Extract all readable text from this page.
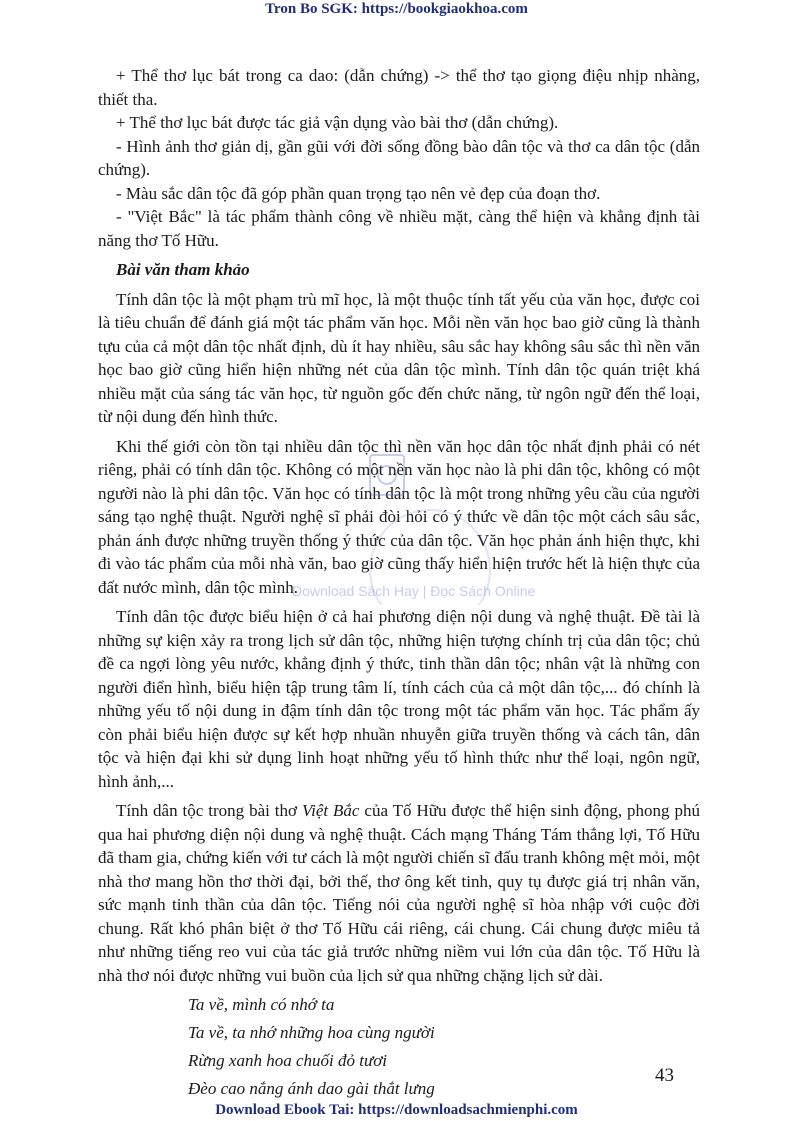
Tron Bo SGK: https://bookgiaokhoa.com

+ Thể thơ lục bát trong ca dao: (dẫn chứng) -> thể thơ tạo giọng điệu nhịp nhàng, thiết tha.

+ Thể thơ lục bát được tác giả vận dụng vào bài thơ (dẫn chứng).

- Hình ảnh thơ giản dị, gần gũi với đời sống đồng bào dân tộc và thơ ca dân tộc (dẫn chứng).

- Màu sắc dân tộc đã góp phần quan trọng tạo nên vẻ đẹp của đoạn thơ.

- "Việt Bắc" là tác phẩm thành công về nhiều mặt, càng thể hiện và khẳng định tài năng thơ Tố Hữu.

Bài văn tham khảo

Tính dân tộc là một phạm trù mĩ học, là một thuộc tính tất yếu của văn học, được coi là tiêu chuẩn để đánh giá một tác phẩm văn học. Mỗi nền văn học bao giờ cũng là thành tựu của cả một dân tộc nhất định, dù ít hay nhiều, sâu sắc hay không sâu sắc thì nền văn học bao giờ cũng hiển hiện những nét của dân tộc mình. Tính dân tộc quán triệt khá nhiều mặt của sáng tác văn học, từ nguồn gốc đến chức năng, từ ngôn ngữ đến thể loại, từ nội dung đến hình thức.

Khi thế giới còn tồn tại nhiều dân tộc thì nền văn học dân tộc nhất định phải có nét riêng, phải có tính dân tộc. Không có một nền văn học nào là phi dân tộc, không có một người nào là phi dân tộc. Văn học có tính dân tộc là một trong những yêu cầu của người sáng tạo nghệ thuật. Người nghệ sĩ phải đòi hỏi có ý thức về dân tộc một cách sâu sắc, phản ánh được những truyền thống ý thức của dân tộc. Văn học phản ánh hiện thực, khi đi vào tác phẩm của mỗi nhà văn, bao giờ cũng thấy hiển hiện trước hết là hiện thực của đất nước mình, dân tộc mình.

Tính dân tộc được biểu hiện ở cả hai phương diện nội dung và nghệ thuật. Đề tài là những sự kiện xảy ra trong lịch sử dân tộc, những hiện tượng chính trị của dân tộc; chủ đề ca ngợi lòng yêu nước, khẳng định ý thức, tinh thần dân tộc; nhân vật là những con người điển hình, biểu hiện tập trung tâm lí, tính cách của cả một dân tộc,... đó chính là những yếu tố nội dung in đậm tính dân tộc trong một tác phẩm văn học. Tác phẩm ấy còn phải biểu hiện được sự kết hợp nhuần nhuyễn giữa truyền thống và cách tân, dân tộc và hiện đại khi sử dụng linh hoạt những yếu tố hình thức như thể loại, ngôn ngữ, hình ảnh,...

Tính dân tộc trong bài thơ Việt Bắc của Tố Hữu được thể hiện sinh động, phong phú qua hai phương diện nội dung và nghệ thuật. Cách mạng Tháng Tám thắng lợi, Tố Hữu đã tham gia, chứng kiến với tư cách là một người chiến sĩ đấu tranh không mệt mỏi, một nhà thơ mang hồn thơ thời đại, bởi thế, thơ ông kết tinh, quy tụ được giá trị nhân văn, sức mạnh tinh thần của dân tộc. Tiếng nói của người nghệ sĩ hòa nhập với cuộc đời chung. Rất khó phân biệt ở thơ Tố Hữu cái riêng, cái chung. Cái chung được miêu tả như những tiếng reo vui của tác giả trước những niềm vui lớn của dân tộc. Tố Hữu là nhà thơ nói được những vui buồn của lịch sử qua những chặng lịch sử dài.

Ta về, mình có nhớ ta
Ta về, ta nhớ những hoa cùng người
Rừng xanh hoa chuối đỏ tươi
Đèo cao nắng ánh dao gài thắt lưng
Download Sách Hay | Đọc Sách Online
43
Download Ebook Tai: https://downloadsachmienphi.com
